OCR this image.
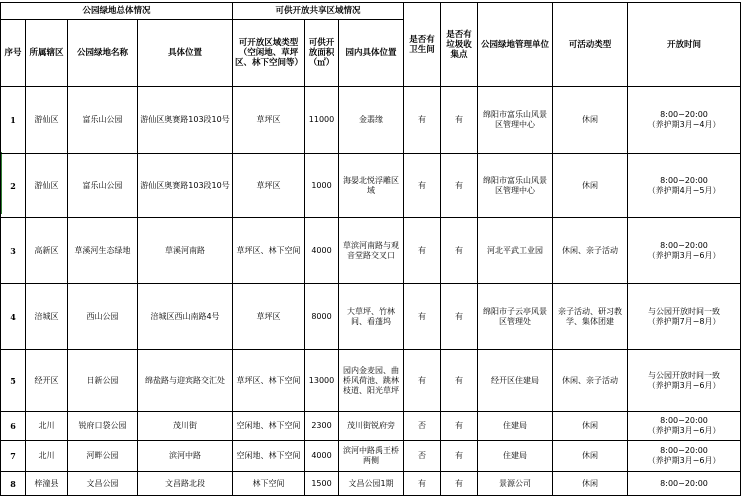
公园绿地总体情况				可供开放共享区域情况			是否有卫生间	是否有垃圾收集点	公园绿地管理单位	可活动类型	开放时间
序号	所属辖区	公园绿地名称	具体位置	可开放区域类型（空闲地、草坪区、林下空间等）	可供开放面积（㎡）	园内具体位置					
1	游仙区	富乐山公园	游仙区奥赛路103段10号	草坪区	11000	金翡缘	有	有	绵阳市富乐山风景区管理中心	休闲	8:00−20:00
（养护期3月−4月）

2	游仙区	富乐山公园	游仙区奥赛路103段10号	草坪区	1000	海晏北悦浮雕区域	有	有	绵阳市富乐山风景区管理中心	休闲	8:00−20:00
（养护期4月−5月）

3	高新区	草溪河生态绿地	草溪河南路	草坪区、林下空间	4000	草滨河南路与观音堂路交叉口	有	有	河北平武工业园	休闲、亲子活动	8:00−20:00
（养护期3月−6月）

4	涪城区	西山公园	涪城区西山南路4号	草坪区	8000	大草坪、竹林间、看蓬坞	有	有	绵阳市子云亭风景区管理处	亲子活动、研习教学、集体团建	与公园开放时间一致
（养护期7月−8月）

5	经开区	日新公园	绵盐路与迎宾路交汇处	草坪区、林下空间	13000	园内金麦园、曲桥风荷池、跳林枝道、阳光草坪	有	有	经开区住建局	休闲、亲子活动	与公园开放时间一致
（养护期3月−6月）

6	北川	锐府口袋公园	茂川街	空闲地、林下空间	2300	茂川街锐府旁	否	有	住建局	休闲	8:00−20:00
（养护期3月−6月）

7	北川	河畔公园	滨河中路	空闲地、林下空间	4000	滨河中路禹王桥两侧	否	有	住建局	休闲	8:00−20:00
（养护期3月−6月）

8	梓潼县	文昌公园	文昌路北段	林下空间	1500	文昌公园1期	有	有	景源公司	休闲	8:00−20:00
